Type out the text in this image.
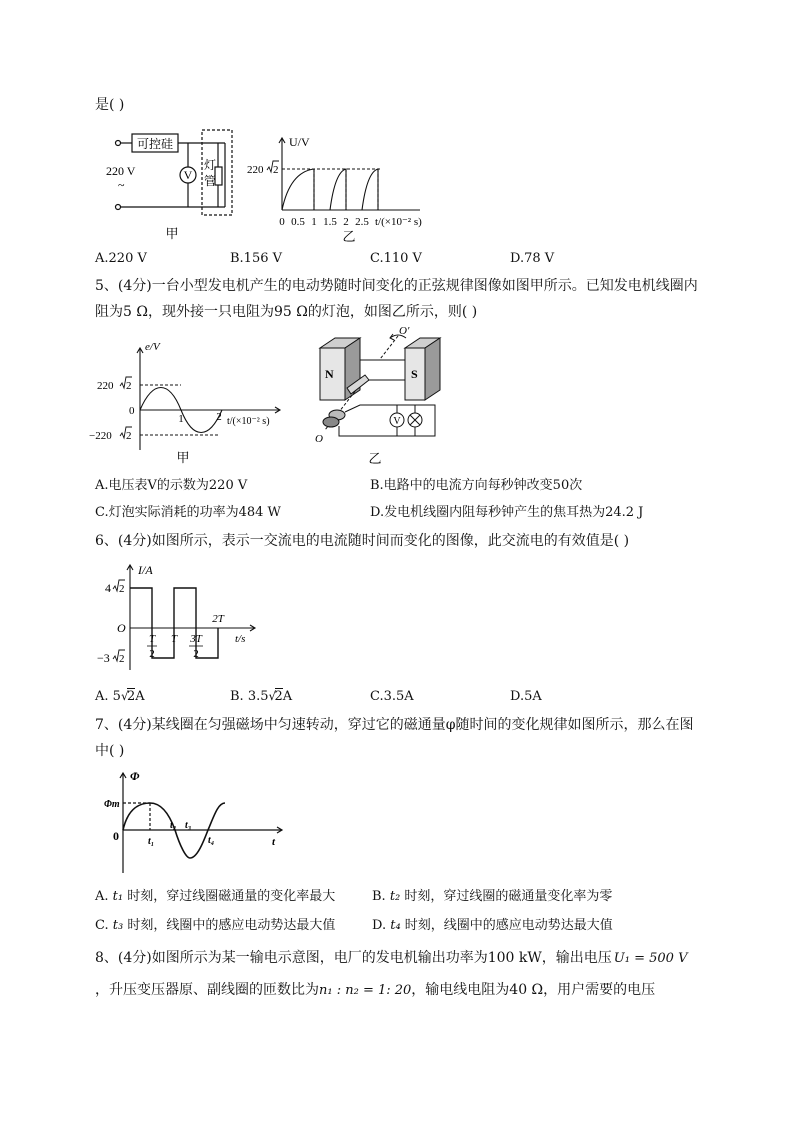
是( )
可控硅
220 V
~
V
灯
管
甲
U/V
220 2
0 0.5 1 1.5 2 2.5 t/(×10⁻² s)
乙
A.220 V	B.156 V	C.110 V	D.78 V
5、(4分)一台小型发电机产生的电动势随时间变化的正弦规律图像如图甲所示。已知发电机线圈内
阻为5 Ω，现外接一只电阻为95 Ω的灯泡，如图乙所示，则( )
e/V
220 2
0
−220 2
1	2 t/(×10⁻² s)
甲
N	S
O′
O
V
乙
A.电压表V的示数为220 V	B.电路中的电流方向每秒钟改变50次
C.灯泡实际消耗的功率为484 W	D.发电机线圈内阻每秒钟产生的焦耳热为24.2 J
6、(4分)如图所示，表示一交流电的电流随时间而变化的图像，此交流电的有效值是( )
I/A
4 2
O
−3 2
T
2
T 3T
2
2T
t/s
A. 5 √
2A	B. 3.5 √
2A	C.3.5A	D.5A
7、(4分)某线圈在匀强磁场中匀速转动，穿过它的磁通量φ随时间的变化规律如图所示，那么在图
中( )
Φ
Φm
0	t₁
t₂ t₃
t₄	t
A. t₁ 时刻，穿过线圈磁通量的变化率最大	B. t₂ 时刻，穿过线圈的磁通量变化率为零
C. t₃ 时刻，线圈中的感应电动势达最大值	D. t₄ 时刻，线圈中的感应电动势达最大值
8、(4分)如图所示为某一输电示意图，电厂的发电机输出功率为100 kW，输出电压 U₁ = 500 V
，升压变压器原、副线圈的匝数比为n₁ : n₂ = 1: 20，输电线电阻为40 Ω，用户需要的电压
